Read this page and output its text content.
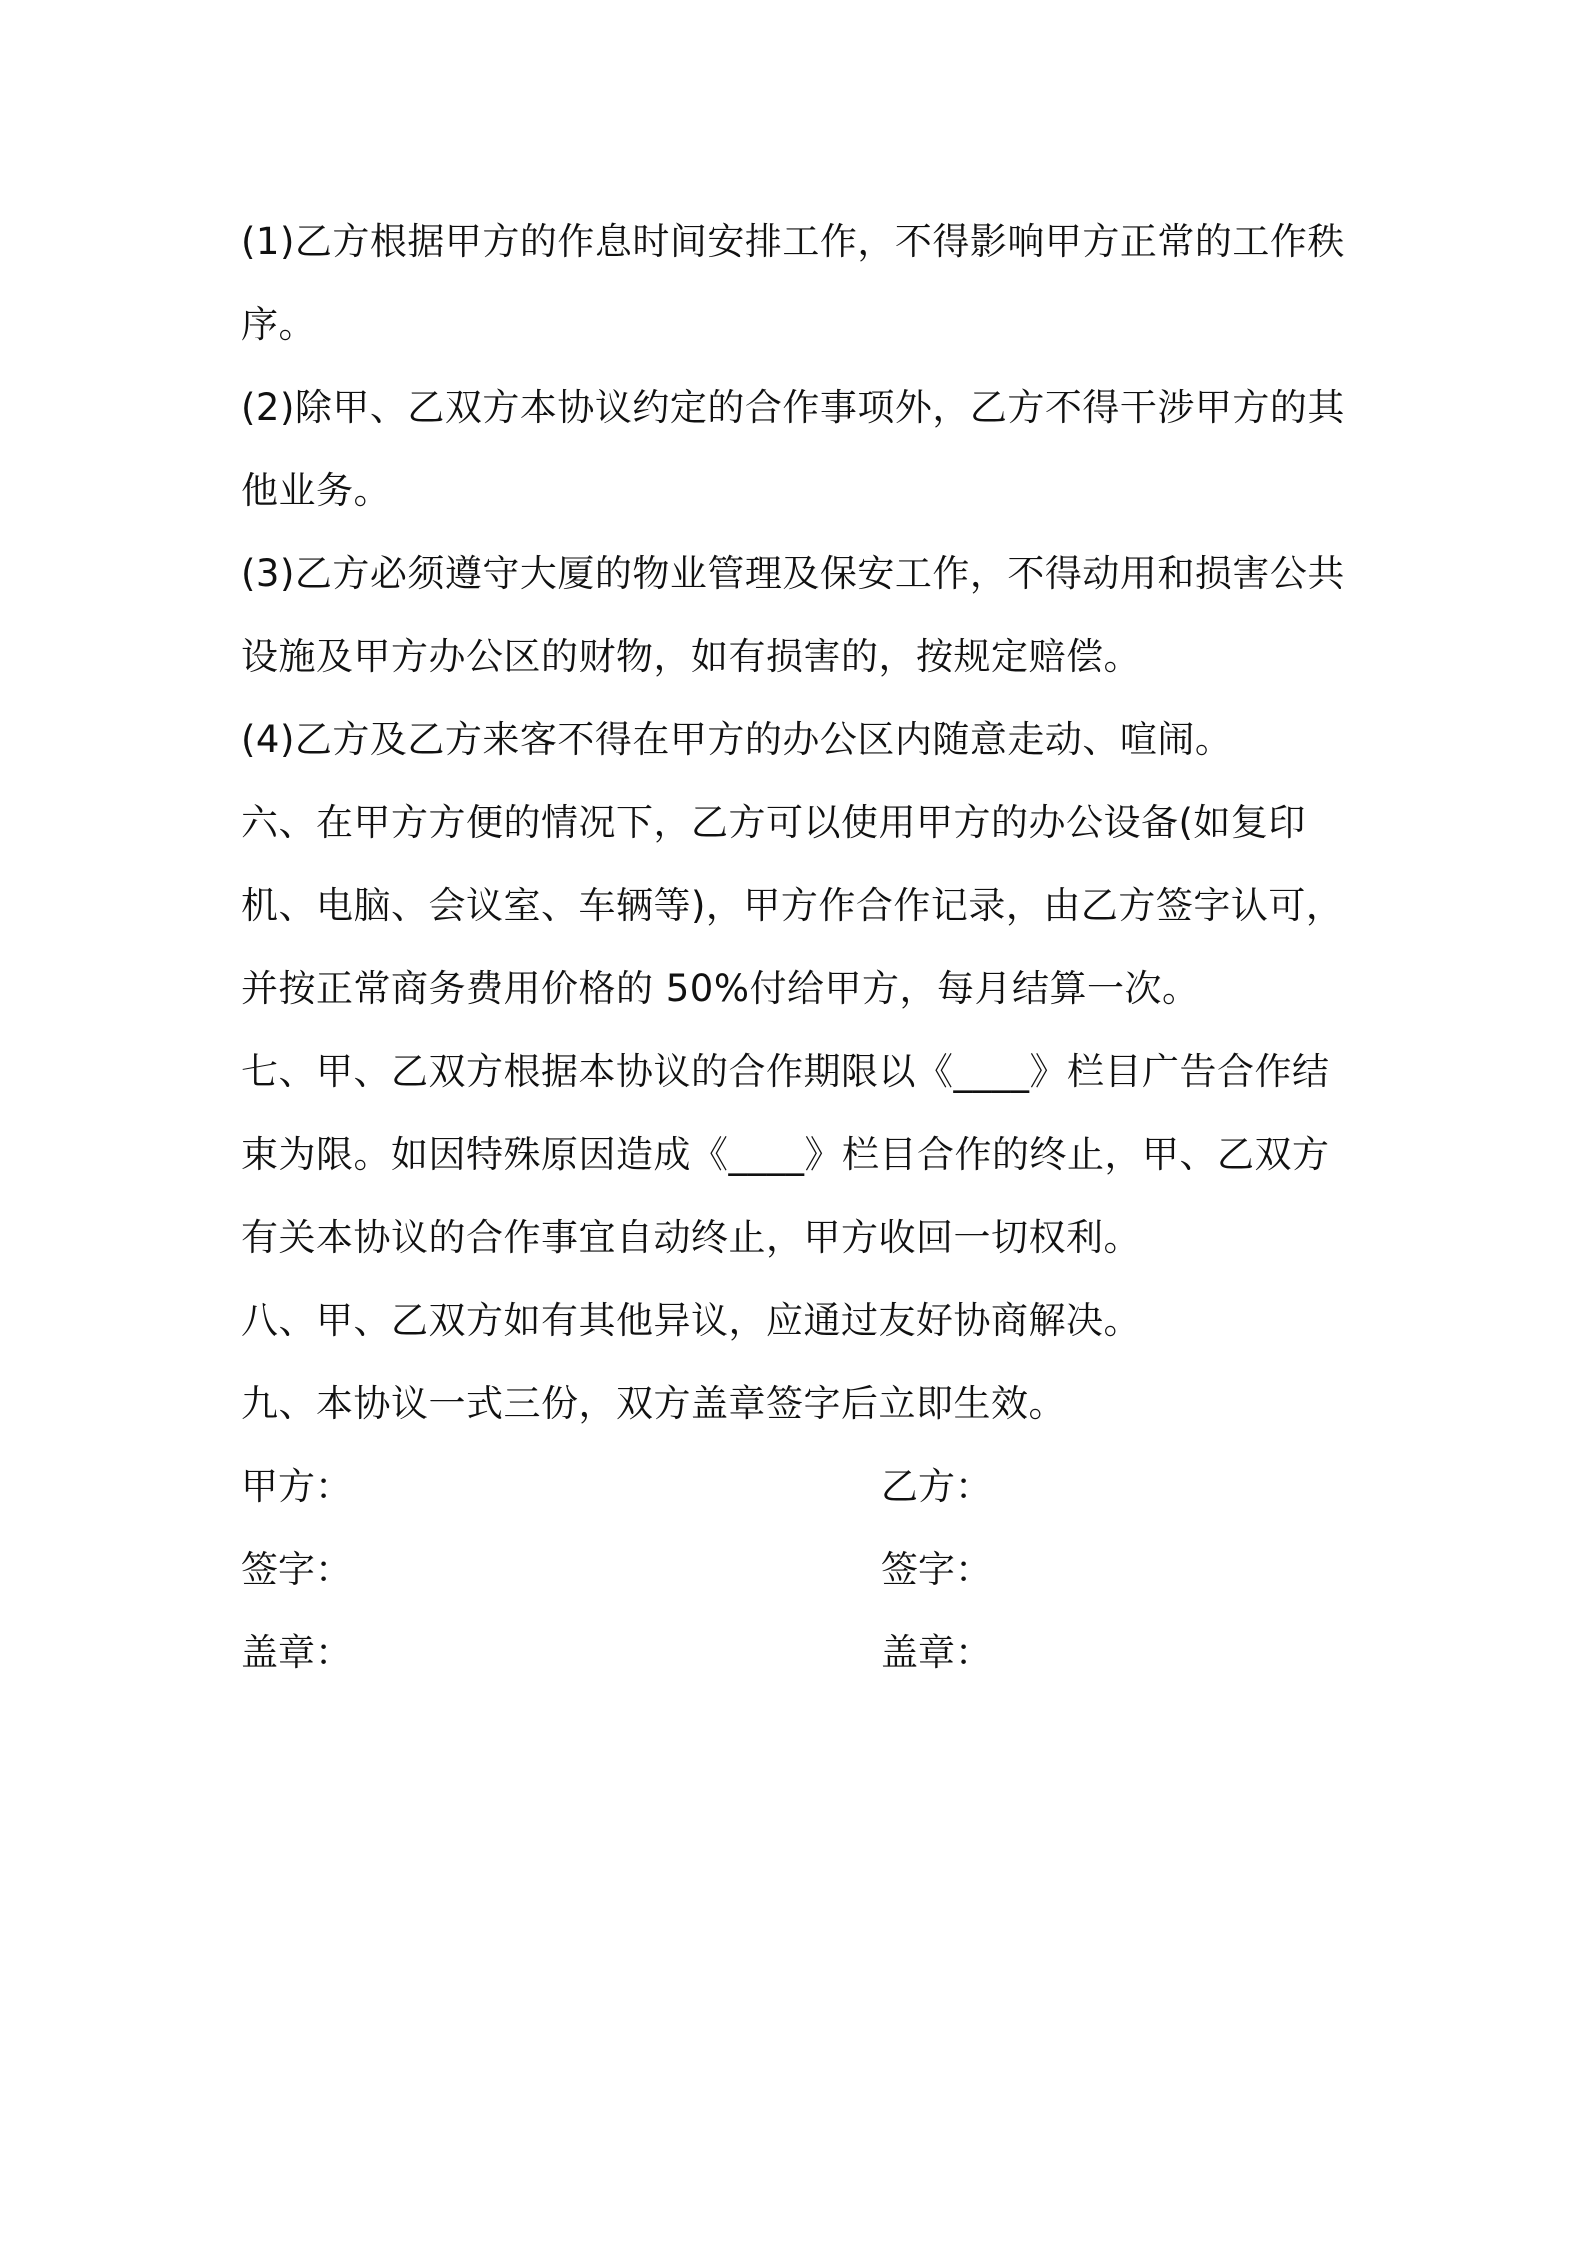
(1)乙方根据甲方的作息时间安排工作，不得影响甲方正常的工作秩序。

(2)除甲、乙双方本协议约定的合作事项外，乙方不得干涉甲方的其他业务。

(3)乙方必须遵守大厦的物业管理及保安工作，不得动用和损害公共设施及甲方办公区的财物，如有损害的，按规定赔偿。

(4)乙方及乙方来客不得在甲方的办公区内随意走动、喧闹。

六、在甲方方便的情况下，乙方可以使用甲方的办公设备(如复印机、电脑、会议室、车辆等)，甲方作合作记录，由乙方签字认可，并按正常商务费用价格的 50%付给甲方，每月结算一次。

七、甲、乙双方根据本协议的合作期限以《____》栏目广告合作结束为限。如因特殊原因造成《____》栏目合作的终止，甲、乙双方有关本协议的合作事宜自动终止，甲方收回一切权利。

八、甲、乙双方如有其他异议，应通过友好协商解决。

九、本协议一式三份，双方盖章签字后立即生效。

甲方：	乙方：
签字：	签字：
盖章：	盖章：
